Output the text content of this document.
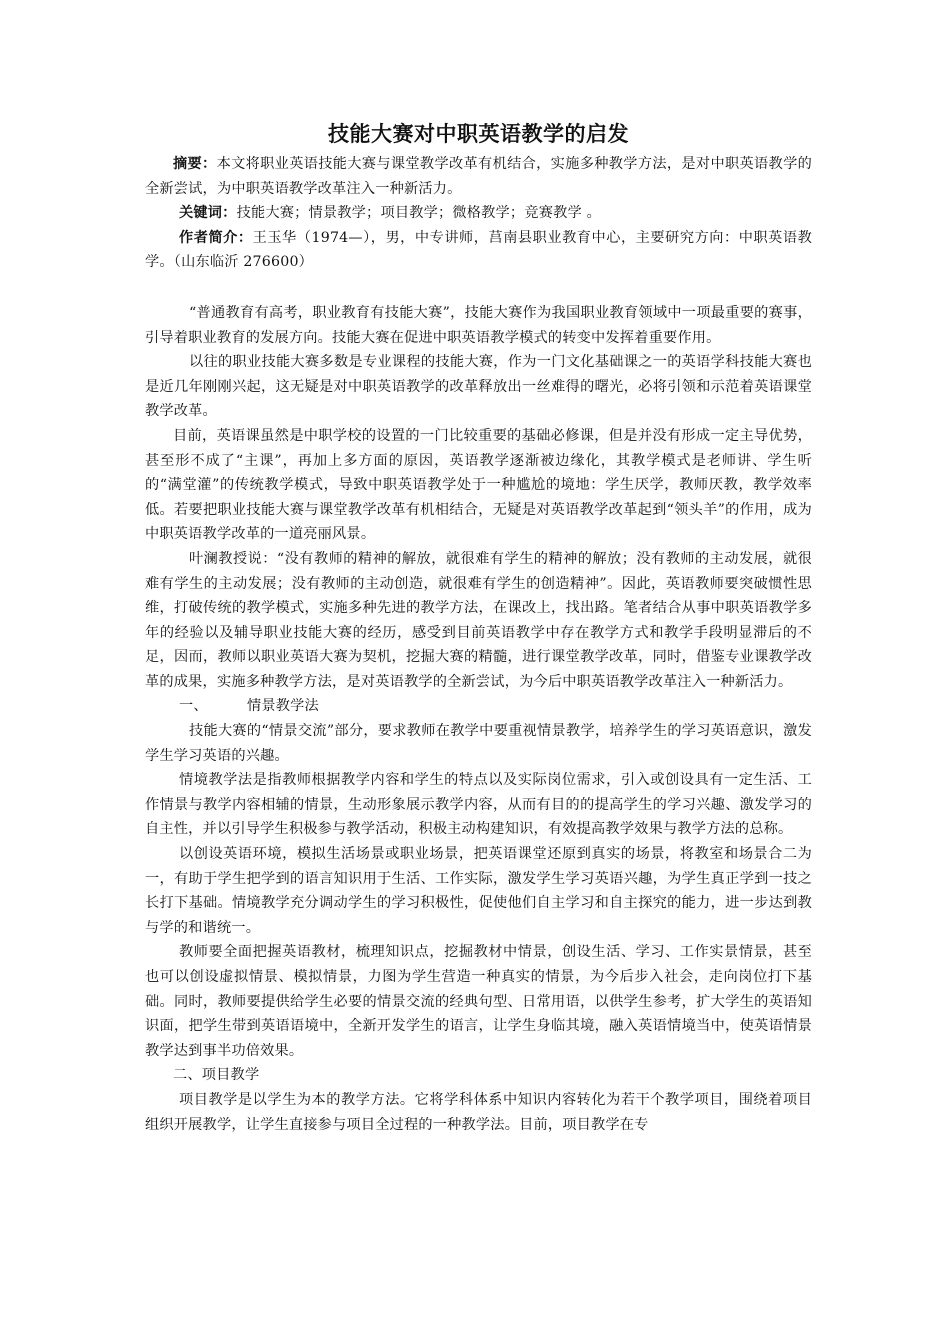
技能大赛对中职英语教学的启发

摘要：本文将职业英语技能大赛与课堂教学改革有机结合，实施多种教学方法，是对中职英语教学的全新尝试，为中职英语教学改革注入一种新活力。

关键词：技能大赛；情景教学；项目教学；微格教学；竞赛教学 。

作者简介：王玉华（1974—），男，中专讲师，莒南县职业教育中心，主要研究方向：中职英语教学。（山东临沂 276600）

“普通教育有高考，职业教育有技能大赛”，技能大赛作为我国职业教育领域中一项最重要的赛事，引导着职业教育的发展方向。技能大赛在促进中职英语教学模式的转变中发挥着重要作用。

以往的职业技能大赛多数是专业课程的技能大赛，作为一门文化基础课之一的英语学科技能大赛也是近几年刚刚兴起，这无疑是对中职英语教学的改革释放出一丝难得的曙光，必将引领和示范着英语课堂教学改革。

目前，英语课虽然是中职学校的设置的一门比较重要的基础必修课，但是并没有形成一定主导优势，甚至形不成了“主课”，再加上多方面的原因，英语教学逐渐被边缘化，其教学模式是老师讲、学生听的“满堂灌”的传统教学模式，导致中职英语教学处于一种尴尬的境地：学生厌学，教师厌教，教学效率低。若要把职业技能大赛与课堂教学改革有机相结合，无疑是对英语教学改革起到“领头羊”的作用，成为中职英语教学改革的一道亮丽风景。

叶澜教授说：“没有教师的精神的解放，就很难有学生的精神的解放；没有教师的主动发展，就很难有学生的主动发展；没有教师的主动创造，就很难有学生的创造精神”。因此，英语教师要突破惯性思维，打破传统的教学模式，实施多种先进的教学方法，在课改上，找出路。笔者结合从事中职英语教学多年的经验以及辅导职业技能大赛的经历，感受到目前英语教学中存在教学方式和教学手段明显滞后的不足，因而，教师以职业英语大赛为契机，挖掘大赛的精髓，进行课堂教学改革，同时，借鉴专业课教学改革的成果，实施多种教学方法，是对英语教学的全新尝试，为今后中职英语教学改革注入一种新活力。

一、	情景教学法

技能大赛的“情景交流”部分，要求教师在教学中要重视情景教学，培养学生的学习英语意识，激发学生学习英语的兴趣。

情境教学法是指教师根据教学内容和学生的特点以及实际岗位需求，引入或创设具有一定生活、工作情景与教学内容相辅的情景，生动形象展示教学内容，从而有目的的提高学生的学习兴趣、激发学习的自主性，并以引导学生积极参与教学活动，积极主动构建知识，有效提高教学效果与教学方法的总称。

以创设英语环境，模拟生活场景或职业场景，把英语课堂还原到真实的场景，将教室和场景合二为一，有助于学生把学到的语言知识用于生活、工作实际，激发学生学习英语兴趣，为学生真正学到一技之长打下基础。情境教学充分调动学生的学习积极性，促使他们自主学习和自主探究的能力，进一步达到教与学的和谐统一。

教师要全面把握英语教材，梳理知识点，挖掘教材中情景，创设生活、学习、工作实景情景，甚至也可以创设虚拟情景、模拟情景，力图为学生营造一种真实的情景，为今后步入社会，走向岗位打下基础。同时，教师要提供给学生必要的情景交流的经典句型、日常用语，以供学生参考，扩大学生的英语知识面，把学生带到英语语境中，全新开发学生的语言，让学生身临其境，融入英语情境当中，使英语情景教学达到事半功倍效果。

二、项目教学

项目教学是以学生为本的教学方法。它将学科体系中知识内容转化为若干个教学项目，围绕着项目组织开展教学，让学生直接参与项目全过程的一种教学法。目前，项目教学在专
